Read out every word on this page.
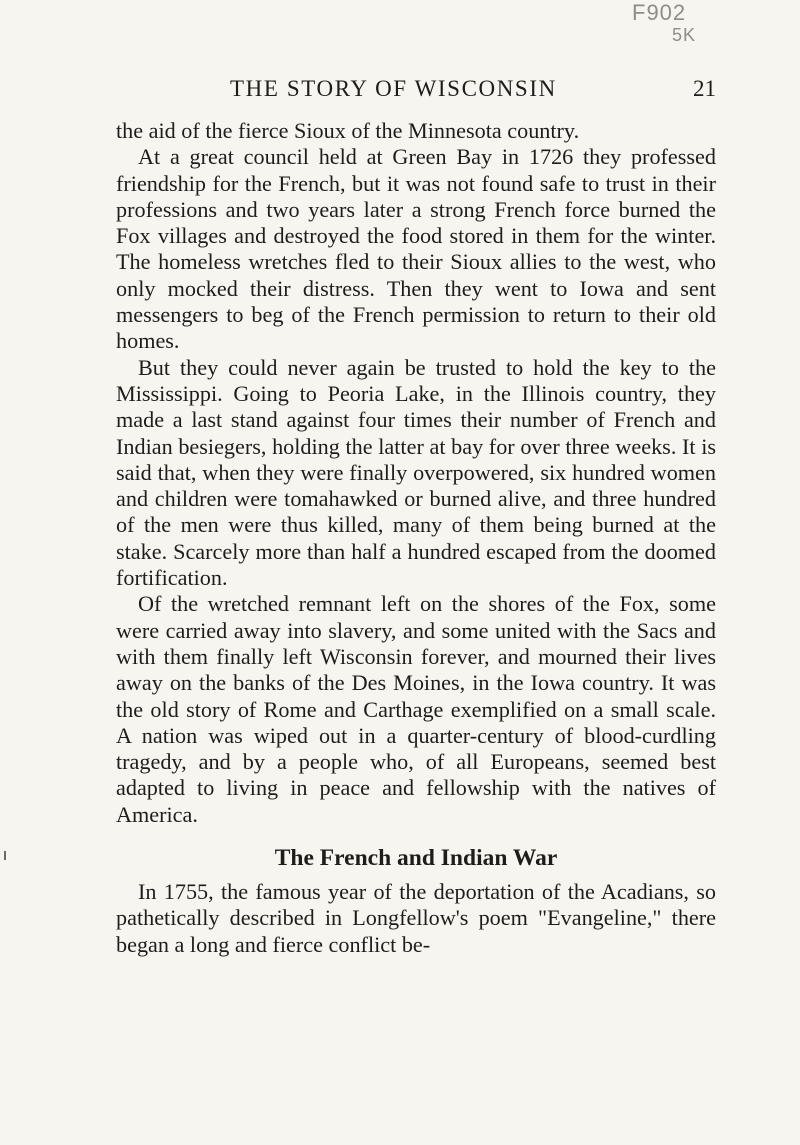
F902
5K
THE STORY OF WISCONSIN	21

the aid of the fierce Sioux of the Minnesota country.

At a great council held at Green Bay in 1726 they professed friendship for the French, but it was not found safe to trust in their professions and two years later a strong French force burned the Fox villages and destroyed the food stored in them for the winter. The homeless wretches fled to their Sioux allies to the west, who only mocked their distress. Then they went to Iowa and sent messengers to beg of the French permission to return to their old homes.

But they could never again be trusted to hold the key to the Mississippi. Going to Peoria Lake, in the Illinois country, they made a last stand against four times their number of French and Indian besiegers, holding the latter at bay for over three weeks. It is said that, when they were finally overpowered, six hundred women and children were tomahawked or burned alive, and three hundred of the men were thus killed, many of them being burned at the stake. Scarcely more than half a hundred escaped from the doomed fortification.

Of the wretched remnant left on the shores of the Fox, some were carried away into slavery, and some united with the Sacs and with them finally left Wisconsin forever, and mourned their lives away on the banks of the Des Moines, in the Iowa country. It was the old story of Rome and Carthage exemplified on a small scale. A nation was wiped out in a quarter-century of blood-curdling tragedy, and by a people who, of all Europeans, seemed best adapted to living in peace and fellowship with the natives of America.

The French and Indian War

In 1755, the famous year of the deportation of the Acadians, so pathetically described in Longfellow's poem "Evangeline," there began a long and fierce conflict be-
